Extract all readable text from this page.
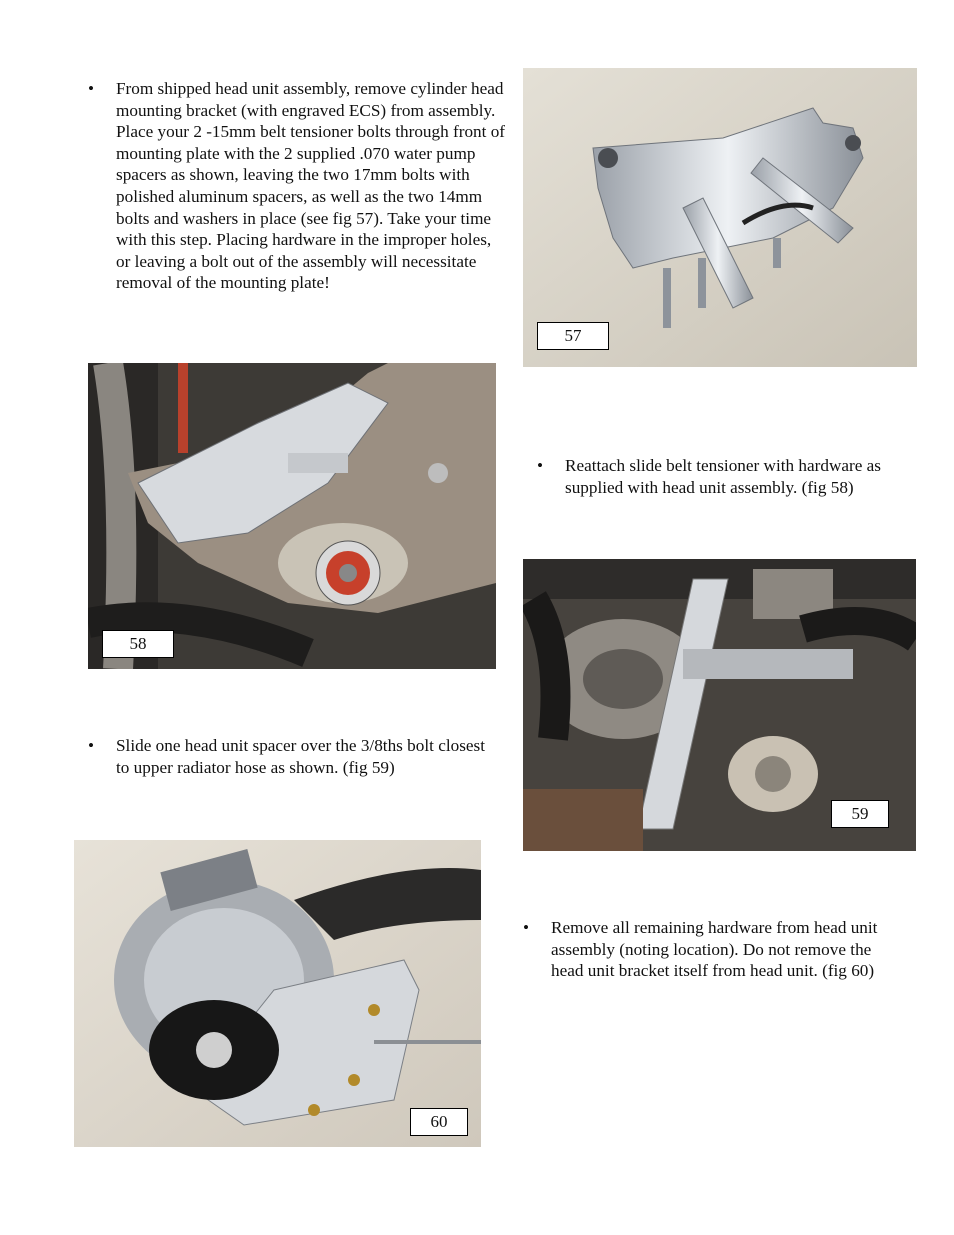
• From shipped head unit assembly, remove cylinder head mounting bracket (with engraved ECS) from assembly. Place your 2 -15mm belt tensioner bolts through front of mounting plate with the 2 supplied .070 water pump spacers as shown, leaving the two 17mm bolts with polished aluminum spacers, as well as the two 14mm bolts and washers in place (see fig 57). Take your time with this step. Placing hardware in the improper holes, or leaving a bolt out of the assembly will necessitate removal of the mounting plate!
57
58
• Reattach slide belt tensioner with hardware as supplied with head unit assembly. (fig 58)
59
• Slide one head unit spacer over the 3/8ths bolt closest to upper radiator hose as shown. (fig 59)
60
• Remove all remaining hardware from head unit assembly (noting location). Do not remove the head unit bracket itself from head unit. (fig 60)
